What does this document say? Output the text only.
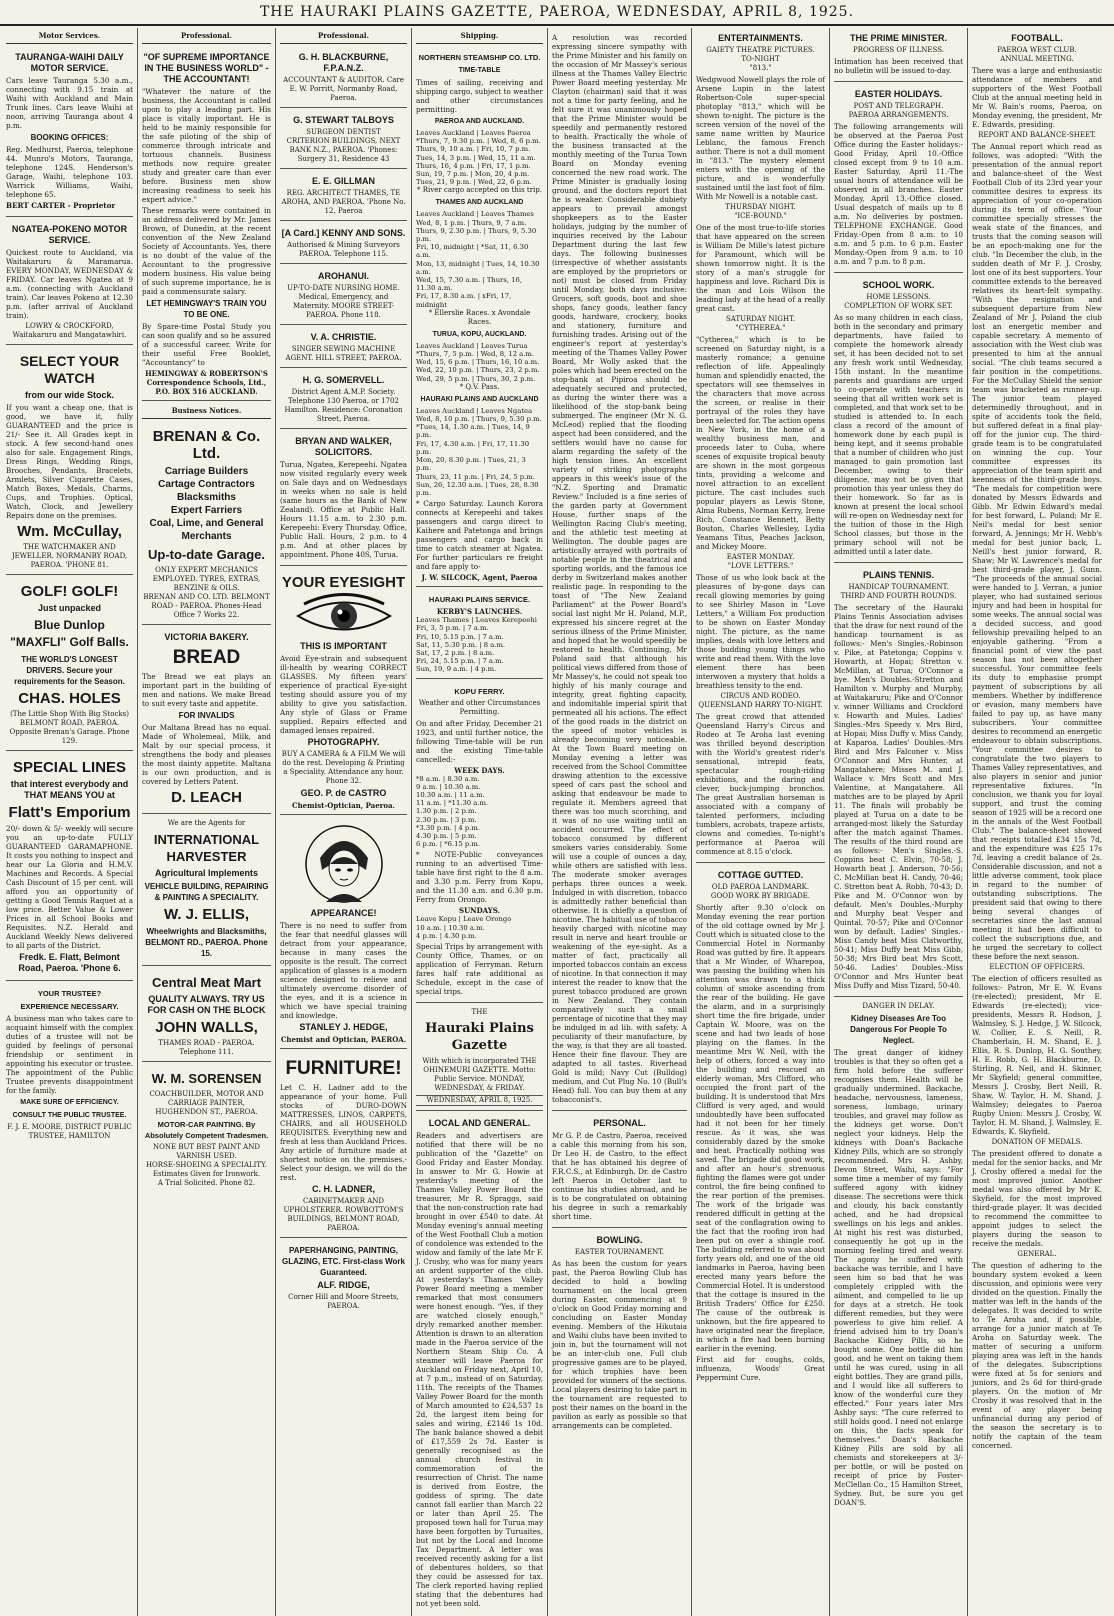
THE HAURAKI PLAINS GAZETTE, PAEROA, WEDNESDAY, APRIL 8, 1925.
Motor Services.
TAURANGA-WAIHI DAILY MOTOR SERVICE.
Cars leave Tauranga 5.30 a.m., connecting with 9.15 train at Waihi with Auckland and Main Trunk lines. Cars leave Waihi at noon, arriving Tauranga about 4 p.m.
BOOKING OFFICES:
Reg. Medhurst, Paeroa, telephone 44. Munro's Motors, Tauranga, telephone 124S. Henderson's Garage, Waihi, telephone 103. Warrick Williams, Waihi, telephone 65.
BERT CARTER - Proprietor
NGATEA-POKENO MOTOR SERVICE.
Quickest route to Auckland, via Waitakaruru & Maramarua. EVERY MONDAY, WEDNESDAY & FRIDAY. Car leaves Ngatea at 9 a.m. (connecting with Auckland train). Car leaves Pokeno at 12.30 p.m. (after arrival of Auckland train).
LOWRY & CROCKFORD, Waitakaruru and Mangatawhiri.
SELECT YOUR WATCH
from our wide Stock.
If you want a cheap one, that is good, we have it, fully GUARANTEED and the price is 21/- See it. All Grades kept in stock. A few second-hand ones also for sale. Engagement Rings, Dress Rings, Wedding Rings, Brooches, Pendants, Bracelets, Armlets, Silver Cigarette Cases, Match Boxes, Medals, Charms, Cups, and Trophies. Optical, Watch, Clock, and Jewellery Repairs done on the premises.
Wm. McCullay,
THE WATCHMAKER AND JEWELLER. NORMANBY ROAD, PAEROA. 'PHONE 81.
GOLF! GOLF!
Just unpacked
Blue Dunlop "MAXFLI" Golf Balls.
THE WORLD'S LONGEST DRIVERS. Secure your requirements for the Season.
CHAS. HOLES
(The Little Shop With Big Stocks) BELMONT ROAD, PAEROA. Opposite Brenan's Garage. Phone 129.
SPECIAL LINES
that interest everybody and THAT MEANS YOU at
Flatt's Emporium
20/- down & 5/- weekly will secure you an up-to-date FULLY GUARANTEED GARAMAPHONE. It costs you nothing to inspect and hear our La Gloria and H.M.V. Machines and Records. A Special Cash Discount of 15 per cent. will afford you an opportunity of getting a Good Tennis Raquet at a low price. Better Value & Lower Prices in all School Books and Requisites. N.Z. Herald and Auckland Weekly News delivered to all parts of the District.
Fredk. E. Flatt, Belmont Road, Paeroa. 'Phone 6.
YOUR TRUSTEE?
EXPERIENCE NECESSARY.
A business man who takes care to acquaint himself with the complex duties of a trustee will not be guided by feelings of personal friendship or sentiment in appointing his executor or trustee. The appointment of the Public Trustee prevents disappointment for the family.
MAKE SURE OF EFFICIENCY.
CONSULT THE PUBLIC TRUSTEE.
F. J. E. MOORE, DISTRICT PUBLIC TRUSTEE, HAMILTON
Professional.
"OF SUPREME IMPORTANCE IN THE BUSINESS WORLD" -THE ACCOUNTANT!
"Whatever the nature of the business, the Accountant is called upon to play a leading part. His place is vitally important. He is held to be mainly responsible for the safe piloting of the ship of commerce through intricate and tortuous channels. Business methods now require greater study and greater care than ever before. Business men show increasing readiness to seek his expert advice."
These remarks were contained in an address delivered by Mr. James Brown, of Dunedin, at the recent convention of the New Zealand Society of Accountants. Yes, there is no doubt of the value of the Accountant to the progressive modern business. His value being of such supreme importance, he is paid a commensurate salary.
LET HEMINGWAY'S TRAIN YOU TO BE ONE.
By Spare-time Postal Study you can soon qualify and so be assured of a successful career. Write for their useful Free Booklet, "Accountancy" to
HEMINGWAY & ROBERTSON'S Correspondence Schools, Ltd., P.O. BOX 516 AUCKLAND.
Business Notices.
BRENAN & Co. Ltd.
Carriage Builders
Cartage Contractors
Blacksmiths
Expert Farriers
Coal, Lime, and General Merchants
Up-to-date Garage.
ONLY EXPERT MECHANICS EMPLOYED. TYRES, EXTRAS, BENZINE & OILS.
BRENAN AND CO. LTD. BELMONT ROAD - PAEROA. Phones-Head Office 7 Works 22.
VICTORIA BAKERY.
BREAD
The Bread we eat plays an important part in the building of men and nations. We make Bread to suit every taste and appetite.
FOR INVALIDS
Our Maltana Bread has no equal. Made of Wholemeal, Milk, and Malt by our special process, it strengthens the body and pleases the most dainty appetite. Maltana is our own production, and is covered by Letters Patent.
D. LEACH
We are the Agents for
INTERNATIONAL HARVESTER
Agricultural Implements
VEHICLE BUILDING, REPAIRING & PAINTING A SPECIALITY.
W. J. ELLIS,
Wheelwrights and Blacksmiths, BELMONT RD., PAEROA. Phone 15.
Central Meat Mart
QUALITY ALWAYS. TRY US FOR CASH ON THE BLOCK
JOHN WALLS,
THAMES ROAD - PAEROA. Telephone 111.
W. M. SORENSEN
COACHBUILDER, MOTOR AND CARRIAGE PAINTER, HUGHENDON ST., PAEROA.
MOTOR-CAR PAINTING. By Absolutely Competent Tradesmen.
NONE BUT BEST PAINT AND VARNISH USED.
HORSE-SHOEING A SPECIALITY.
Estimates Given for Ironwork.
A Trial Solicited. Phone 82.
Professional.
G. H. BLACKBURNE, F.P.A.N.Z.
ACCOUNTANT & AUDITOR. Care E. W. Porritt, Normanby Road, Paeroa.
G. STEWART TALBOYS
SURGEON DENTIST
CRITERION BUILDINGS, NEXT BANK N.Z., PAEROA. 'Phones: Surgery 31, Residence 43
E. E. GILLMAN
REG. ARCHITECT THAMES, TE AROHA, AND PAEROA. 'Phone No. 12, Paeroa
[A Card.] KENNY AND SONS.
Authorised & Mining Surveyors PAEROA. Telephone 115.
AROHANUI.
UP-TO-DATE NURSING HOME. Medical, Emergency, and Maternity. MOORE STREET-PAEROA. Phone 118.
V. A. CHRISTIE.
SINGER SEWING MACHINE AGENT. HILL STREET, PAEROA.
H. G. SOMERVELL.
District Agent A.M.P. Society. Telephone 130 Paeroa, or 1702 Hamilton. Residence: Coronation Street, Paeroa.
BRYAN AND WALKER, SOLICITORS.
Turua, Ngatea, Kerepeehi. Ngatea now visited regularly every week on Sale days and on Wednesdays in weeks when no sale is held (same hours as the Bank of New Zealand). Office at Public Hall. Hours 11.15 a.m. to 2.30 p.m. Kerepeehi: Every Thursday. Office, Public Hall. Hours, 2 p.m. to 4 p.m. And at other places by appointment. Phone 40S, Turua.
YOUR EYESIGHT
THIS IS IMPORTANT
Avoid Eye-strain and subsequent ill-health by wearing CORRECT GLASSES. My fifteen years' experience of practical Eye-sight testing should assure you of my ability to give you satisfaction. Any style of Glass or Frame supplied. Repairs effected and damaged lenses repaired.
PHOTOGRAPHY.
BUY A CAMERA & A FILM We will do the rest. Developing & Printing a Speciality. Attendance any hour. Phone 32.
GEO. P. de CASTRO
Chemist-Optician, Paeroa.
APPEARANCE!
There is no need to suffer from the fear that needful glasses will detract from your appearance, because in many cases the opposite is the result. The correct application of glasses is a modern science designed to relieve and ultimately overcome disorder of the eyes, and it is a science in which we have special training and knowledge.
STANLEY J. HEDGE,
Chemist and Optician, PAEROA.
FURNITURE!
Let C. H. Ladner add to the appearance of your home. Full stocks of DURO-DOWN MATTRESSES, LINOS, CARPETS, CHAIRS, and all HOUSEHOLD REQUISITES. Everything new and fresh at less than Auckland Prices. Any article of furniture made at shortest notice on the premises.-Select your design, we will do the rest.
C. H. LADNER,
CABINETMAKER AND UPHOLSTERER. ROWBOTTOM'S BUILDINGS, BELMONT ROAD, PAEROA.
PAPERHANGING, PAINTING, GLAZING, ETC. First-class Work Guaranteed.
ALF. RIDGE,
Corner Hill and Moore Streets, PAEROA.
Shipping.
NORTHERN STEAMSHIP CO. LTD.
TIME-TABLE
Times of sailing, receiving and shipping cargo, subject to weather and other circumstances permitting.
PAEROA AND AUCKLAND.
Leaves Auckland | Leaves Paeroa
*Thurs, 7, 9.30 p.m. | Wed, 8, 6 p.m.
Thurs, 9, 10 a.m. | Fri, 10, 7 p.m.
Tues, 14, 3 p.m. | Wed, 15, 11 a.m.
Thurs, 16, 4 p.m. | Fri, 17, 1 p.m.
Sun, 19, 7 p.m. | Mon, 20, 4 p.m.
Tues, 21, 9 p.m. | Wed, 22, 6 p.m.
* River cargo accepted on this trip.
THAMES AND AUCKLAND
Leaves Auckland | Leaves Thames
Wed, 8, 1 p.m. | Thurs, 9, 7 a.m.
Thurs, 9, 2.30 p.m. | Thurs, 9, 5.30 p.m.
Fri, 10, midnight | *Sat, 11, 6.30 a.m.
Mon, 13, midnight | Tues, 14, 10.30 a.m.
Wed, 15, 7.30 a.m. | Thurs, 16, 11.30 a.m.
Fri, 17, 8.30 a.m. | xFri, 17, midnight
* Ellerslie Races. x Avondale Races.
TURUA, KOPU, AUCKLAND.
Leaves Auckland | Leaves Turua
*Thurs, 7, 5 p.m. | Wed, 8, 12 a.m.
Wed, 15, 6 p.m. | Thurs, 16, 10 a.m.
Wed, 22, 10 p.m. | Thurs, 23, 2 p.m.
Wed, 29, 5 p.m. | Thurs, 30, 2 p.m.
* Q.V. Pass.
HAURAKI PLAINS AND AUCKLAND
Leaves Auckland | Leaves Ngatea
Wed, 8, 10 p.m. | Thurs, 9, 5.30 p.m.
*Tues, 14, 1.30 a.m. | Tues, 14, 9 p.m.
Fri, 17, 4.30 a.m. | Fri, 17, 11.30 p.m.
Mon, 20, 8.30 p.m. | Tues, 21, 3 p.m.
Thurs, 23, 11 p.m. | Fri, 24, 5 p.m.
Sun, 26, 12.30 a.m. | Tues, 28, 8.30 p.m.
* Cargo Saturday. Launch Korora connects at Kerepeehi and takes passengers and cargo direct to Kaihere and Patetonga and brings passengers and cargo back in time to catch steamer at Ngatea. For further particulars re freight and fare apply to-
J. W. SILCOCK, Agent, Paeroa
HAURAKI PLAINS SERVICE.
KERBY'S LAUNCHES.
Leaves Thames | Leaves Kerepeehi
Fri, 3, 5 p.m. | 7 a.m.
Fri, 10, 5.15 p.m. | 7 a.m.
Sat, 11, 5.30 p.m. | 8 a.m.
Sat, 17, 2 p.m. | 8 a.m.
Fri, 24, 5.15 p.m. | 7 a.m.
Sun, 19, 9 a.m. | 4 p.m.
KOPU FERRY.
Weather and other Circumstances Permitting.
On and after Friday, December 21 1923, and until further notice, the following Time-table will be run and the existing Time-table cancelled:-
WEEK DAYS.
*8 a.m. | 8.30 a.m.
9 a.m. | 10.30 a.m.
10.30 a.m. | 11 a.m.
11 a.m. | *11.30 a.m.
1.30 p.m. | 2 p.m.
2.30 p.m. | 3 p.m.
*3.30 p.m. | 4 p.m.
4.30 p.m. | 5 p.m.
6 p.m. | *6.15 p.m.
* NOTE-Public conveyances running to an advertised Time-table have first right to the 8 a.m. and 3.30 p.m. Ferry from Kopu, and the 11.30 a.m. and 6.30 p.m. Ferry from Orongo.
SUNDAYS.
Leave Kopu | Leave Orongo
10 a.m. | 10.30 a.m.
4 p.m. | 4.30 p.m.
Special Trips by arrangement with County Office, Thames, or on application of Ferryman. Return fares half rate additional as Schedule, except in the case of special trips.
THE
Hauraki Plains Gazette
With which is incorporated THE OHINEMURI GAZETTE. Motto: Public Service. MONDAY, WEDNESDAY, & FRIDAY.
WEDNESDAY, APRIL 8, 1925.
LOCAL AND GENERAL.
Readers and advertisers are notified that there will be no publication of the "Gazette" on Good Friday and Easter Monday. In answer to Mr G. Howie at yesterday's meeting of the Thames Valley Power Board the treasurer, Mr R. Spraggs, said that the non-construction rate had brought in over £540 to date. At Monday evening's annual meeting of the West Football Club a motion of condolence was extended to the widow and family of the late Mr F. J. Crosby, who was for many years an ardent supporter of the club. At yesterday's Thames Valley Power Board meeting a member remarked that most consumers were honest enough. "Yes, if they are watched closely enough," dryly remarked another member. Attention is drawn to an alteration made in the Paeroa service of the Northern Steam Ship Co. A steamer will leave Paeroa for Auckland on Friday next, April 10, at 7 p.m., instead of on Saturday, 11th. The receipts of the Thames Valley Power Board for the month of March amounted to £24,537 1s 2d, the largest item being for sales and wiring, £2146 1s 10d. The bank balance showed a debit of £17,559 2s 7d. Easter is generally recognised as the annual church festival in commemoration of the resurrection of Christ. The name is derived from Eostre, the goddess of spring. The date cannot fall earlier than March 22 or later than April 25. The proposed town hall for Turua may have been forgotten by Turuaites, but not by the Local and Income Tax Department. A letter was received recently asking for a list of debentures holders, so that they could be assessed for tax. The clerk reported having replied stating that the debentures had not yet been sold.
A resolution was recorded expressing sincere sympathy with the Prime Minister and his family on the occasion of Mr Massey's serious illness at the Thames Valley Electric Power Board meeting yesterday. Mr Clayton (chairman) said that it was not a time for party feeling, and he felt sure it was unanimously hoped that the Prime Minister would be speedily and permanently restored to health. Practically the whole of the business transacted at the monthly meeting of the Turua Town Board on Monday evening concerned the new road work. The Prime Minister is gradually losing ground, and the doctors report that he is weaker. Considerable dubiety appears to prevail amongst shopkeepers as to the Easter holidays, judging by the number of inquiries received by the Labour Department during the last few days. The following businesses (irrespective of whether assistants are employed by the proprietors or not) must be closed from Friday until Monday, both days inclusive: Grocers, soft goods, boot and shoe shops, fancy goods, leather fancy goods, hardware, crockery, books and stationery, furniture and furnishing trades. Arising out of the engineer's report at yesterday's meeting of the Thames Valley Power Board, Mr Wolly asked that the poles which had been erected on the stop-bank at Pipiroa should be adequately secured and protected, as during the winter there was a likelihood of the stop-bank being submerged. The engineer (Mr N. G. McLeod) replied that the flooding aspect had been considered, and the settlers would have no cause for alarm regarding the safety of the high tension lines. An excellent variety of striking photographs appears in this week's issue of the "N.Z. Sporting and Dramatic Review." Included is a fine series of the garden party at Government House, further snaps of the Wellington Racing Club's meeting, and the athletic test meeting at Wellington. The double pages are artistically arrayed with portraits of notable people in the theatrical and sporting worlds, and the famous ice derby in Switzerland makes another realistic page. In responding to the toast of "The New Zealand Parliament" at the Power Board's social last night Mr H. Poland, M.P., expressed his sincere regret at the serious illness of the Prime Minister, and hoped that he would speedily be restored to health. Continuing, Mr Poland said that although his political views differed from those of Mr Massey's, he could not speak too highly of his manly courage and integrity, great fighting capacity, and indomitable imperial spirit that permeated all his actions. The effect of the good roads in the district on the speed of motor vehicles is already becoming very noticeable. At the Town Board meeting on Monday evening a letter was received from the School Committee drawing attention to the excessive speed of cars past the school and asking that endeavour be made to regulate it. Members agreed that there was too much scorching, and it was of no use waiting until an accident occurred. The effect of tobacco consumed by different smokers varies considerably. Some will use a couple of ounces a day, while others are satisfied with less. The moderate smoker averages perhaps three ounces a week. Indulged in with discretion, tobacco is admittedly rather beneficial than otherwise. It is chiefly a question of nicotine. The habitual use of tobacco heavily charged with nicotine may result in nerve and heart trouble or weakening of the eye-sight. As a matter of fact, practically all imported tobaccos contain an excess of nicotine. In that connection it may interest the reader to know that the purest tobacco produced are grown in New Zealand. They contain comparatively such a small percentage of nicotine that they may be indulged in ad lib. with safety. A peculiarity of their manufacture, by the way, is that they are all toasted. Hence their fine flavour. They are adapted to all tastes. Riverhead Gold is mild; Navy Cut (Bulldog) medium, and Cut Plug No. 10 (Bull's Head) full. You can buy them at any tobacconist's.
PERSONAL.
Mr G. P. de Castro, Paeroa, received a cable this morning from his son, Dr Leo H. de Castro, to the effect that he has obtained his degree of F.R.C.S., at Edinburgh. Dr. de Castro left Paeroa in October last to continue his studies abroad, and he is to be congratulated on obtaining his degree in such a remarkably short time.
BOWLING.
EASTER TOURNAMENT.
As has been the custom for years past, the Paeroa Bowling Club has decided to hold a bowling tournament on the local green during Easter, commencing at 9 o'clock on Good Friday morning and concluding on Easter Monday evening. Members of the Hikutaia and Waihi clubs have been invited to join in, but the tournament will not be an inter-club one. Full club progressive games are to be played, for which trophies have been provided for winners of the sections. Local players desiring to take part in the tournament are requested to post their names on the board in the pavilion as early as possible so that arrangements can be completed.
ENTERTAINMENTS.
GAIETY THEATRE PICTURES.
TO-NIGHT
"813."
Wedgwood Nowell plays the role of Arsene Lupin in the latest Robertson-Cole super-special photoplay "813," which will be shown to-night. The picture is the screen version of the novel of the same name written by Maurice Leblanc, the famous French author. There is not a dull moment in "813." The mystery element enters with the opening of the picture, and is wonderfully sustained until the last foot of film. With Mr Nowell is a notable cast.
THURSDAY NIGHT.
"ICE-BOUND."
One of the most true-to-life stories that have appeared on the screen is William De Mille's latest picture for Paramount, which will be shown tomorrow night. It is the story of a man's struggle for happiness and love. Richard Dix is the man and Lois Wilson the leading lady at the head of a really great cast.
SATURDAY NIGHT.
"CYTHEREA."
"Cytherea," which is to be screened on Saturday night, is a masterly romance; a genuine reflection of life. Appealingly human and splendidly enacted, the spectators will see themselves in the characters that move across the screen, or realise in their portrayal of the roles they have been selected for. The action opens in New York, in the home of a wealthy business man, and proceeds later to Cuba, where scenes of exquisite tropical beauty are shown in the most gorgeous tints, providing a welcome and novel attraction to an excellent picture. The cast includes such popular players as Lewis Stone, Alma Rubens, Norman Kerry, Irene Rich, Constance Bennett, Betty Bouton, Charles Wellesley, Lydia Yeamans Titus, Peaches Jackson, and Mickey Moore.
EASTER MONDAY.
"LOVE LETTERS."
Those of us who look back at the pleasures of by-gone days can recall glowing memories by going to see Shirley Mason in "Love Letters," a William Fox production to be shown on Easter Monday night. The picture, as the name implies, deals with love letters and those budding young things who write and read them. With the love element there has been interwoven a mystery that holds a breathless tensity to the end.
CIRCUS AND RODEO.
QUEENSLAND HARRY TO-NIGHT.
The great crowd that attended Queensland Harry's Circus and Rodeo at Te Aroha last evening was thrilled beyond description with the World's greatest rider's sensational, intrepid feats, spectacular rough-riding exhibitions, and the daring and clever, buck-jumping bronchos. The great Australian horseman is associated with a company of talented performers, including tumblers, acrobats, trapeze artists, clowns and comedies. To-night's performance at Paeroa will commence at 8.15 o'clock.
COTTAGE GUTTED.
OLD PAEROA LANDMARK.
GOOD WORK BY BRIGADE.
Shortly after 9.30 o'clock on Monday evening the rear portion of the old cottage owned by Mr J. Coutt which is situated close to the Commercial Hotel in Normanby Road was gutted by fire. It appears that a Mr Winder, of Wharepoa, was passing the building when his attention was drawn to a thick column of smoke ascending from the rear of the building. He gave the alarm, and in a surprisingly short time the fire brigade, under Captain W. Moore, was on the scene and had two leads of hose playing on the flames. In the meantime Mrs W. Neil, with the help of others, forced a way into the building and rescued an elderly woman, Mrs Clifford, who occupied the front part of the building. It is understood that Mrs Clifford is very aged, and would undoubtedly have been suffocated had it not been for her timely rescue. As it was, she was considerably dazed by the smoke and heat. Practically nothing was saved. The brigade did good work, and after an hour's strenuous fighting the flames were got under control, the fire being confined to the rear portion of the premises. The work of the brigade was rendered difficult in getting at the seat of the conflagration owing to the fact that the roofing iron had been put on over a shingle roof. The building referred to was about forty years old, and one of the old landmarks in Paeroa, having been erected many years before the Commercial Hotel. It is understood that the cottage is insured in the British Traders' Office for £250. The cause of the outbreak is unknown, but the fire appeared to have originated near the fireplace, in which a fire had been burning earlier in the evening.
First aid for coughs, colds, influenza, Woods' Great Peppermint Cure.
THE PRIME MINISTER.
PROGRESS OF ILLNESS.
Intimation has been received that no bulletin will be issued to-day.
EASTER HOLIDAYS.
POST AND TELEGRAPH.
PAEROA ARRANGEMENTS.
The following arrangements will be observed at the Paeroa Post Office during the Easter holidays:- Good Friday, April 10.-Office closed except from 9 to 10 a.m. Easter Saturday, April 11.-The usual hours of attendance will be observed in all branches. Easter Monday, April 13.-Office closed. Usual despatch of mails up to 8 a.m. No deliveries by postmen. TELEPHONE EXCHANGE. Good Friday.-Open from 8 a.m. to 10 a.m. and 5 p.m. to 6 p.m. Easter Monday.-Open from 9 a.m. to 10 a.m. and 7 p.m. to 8 p.m.
SCHOOL WORK.
HOME LESSONS.
COMPLETION OF WORK SET.
As so many children in each class, both in the secondary and primary departments, have failed to complete the homework already set, it has been decided not to set any fresh work until Wednesday, 15th instant. In the meantime parents and guardians are urged to co-operate with teachers in seeing that all written work set is completed, and that work set to be studied is attended to. In each class a record of the amount of homework done by each pupil is being kept, and it seems probable that a number of children who just managed to gain promotion last December, owing to their diligence, may not be given that promotion this year unless they do their homework. So far as is known at present the local school will re-open on Wednesday next for the tuition of those in the High School classes, but those in the primary school will not be admitted until a later date.
PLAINS TENNIS.
HANDICAP TOURNAMENT.
THIRD AND FOURTH ROUNDS.
The secretary of the Hauraki Plains Tennis Association advises that the draw for next round of the handicap tournament is as follows:- Men's Singles.-Robinson v. Pike, at Patetonga; Coppins v. Howarth, at Hopai; Stretton v. McMillan, at Turua; O'Connor a bye. Men's Doubles.-Stretton and Hamilton v. Murphy and Murphy, at Waitakaruru; Pike and O'Connor v. winner Williams and Crockford v. Howarth and Mules. Ladies' Singles.-Mrs Speedy v. Mrs Bird, at Hopai; Miss Duffy v. Miss Candy, at Kaparoa. Ladies' Doubles.-Mrs Bird and Mrs Falconer v. Miss O'Connor and Mrs Hunter, at Mangatahere; Misses M. and J. Wallace v. Mrs Scott and Mrs Valentine, at Mangatahere. All matches are to be played by April 11. The finals will probably be played at Turua on a date to be arranged-most likely the Saturday after the match against Thames. The results of the third round are as follows:- Men's Singles.-S. Coppins beat C. Elvin, 70-58; J. Howarth beat J. Anderson, 70-56; C. McMillan beat H. Candy, 70-46; C. Stretton beat A. Robb, 70-43; D. Pike and M. O'Connor won by default. Men's Doubles.-Murphy and Murphy beat Vesper and Quintal, 70-57; Pike and O'Connor won by default. Ladies' Singles.-Miss Candy beat Miss Clatworthy, 50-41; Miss Duffy beat Miss Gibb, 50-38; Mrs Bird beat Mrs Scott, 50-46. Ladies' Doubles.-Miss O'Connor and Mrs Hunter beat Miss Duffy and Miss Tizard, 50-40.
DANGER IN DELAY.
Kidney Diseases Are Too Dangerous For People To Neglect.
The great danger of kidney troubles is that they so often get a firm hold before the sufferer recognises them. Health will be gradually undermined. Backache, headache, nervousness, lameness, soreness, lumbago, urinary troubles, and gravel may follow as the kidneys get worse. Don't neglect your kidneys. Help the kidneys with Doan's Backache Kidney Pills, which are so strongly recommended. Mrs H. Ashby, Devon Street, Waihi, says: "For some time a member of my family suffered agony with kidney disease. The secretions were thick and cloudy, his back constantly ached, and he had dropsical swellings on his legs and ankles. At night his rest was disturbed, consequently he got up in the morning feeling tired and weary. The agony he suffered with backache was terrible, and I have seen him so bad that he was completely crippled with the ailment, and compelled to lie up for days at a stretch. He took different remedies, but they were powerless to give him relief. A friend advised him to try Doan's Backache Kidney Pills, so he bought some. One bottle did him good, and he went on taking them until he was cured, using in all eight bottles. They are grand pills, and I would like all sufferers to know of the wonderful cure they effected." Four years later Mrs Ashby says: "The cure referred to still holds good. I need not enlarge on this, the facts speak for themselves." Doan's Backache Kidney Pills are sold by all chemists and storekeepers at 3/- per bottle, or will be posted on receipt of price by Foster-McClellan Co., 15 Hamilton Street, Sydney. But, be sure you get DOAN'S.
FOOTBALL.
PAEROA WEST CLUB.
ANNUAL MEETING.
There was a large and enthusiastic attendance of members and supporters of the West Football Club at the annual meeting held in Mr W. Bain's rooms, Paeroa, on Monday evening, the president, Mr E. Edwards, presiding.
REPORT AND BALANCE-SHEET.
The Annual report which read as follows, was adopted: "With the presentation of the annual report and balance-sheet of the West Football Club of its 23rd year your committee desires to express its appreciation of your co-operation during its term of office. "Your committee specially stresses the weak state of the finances, and trusts that the coming season will be an epoch-making one for the club. "In December the club, in the sudden death of Mr F. J. Crosby, lost one of its best supporters. Your committee extends to the bereaved relatives its heart-felt sympathy. "With the resignation and subsequent departure from New Zealand of Mr J. Poland the club lost an energetic member and capable secretary. A memento of association with the West club was presented to him at the annual social. "The club teams secured a fair position in the competitions. For the McCullay Shield the senior team was bracketed as runner-up. The junior team played determinedly throughout, and in spite of accidents took the field, but suffered defeat in a final play-off for the junior cup. The third-grade team is to be congratulated on winning the cup. Your committee expresses its appreciation of the team spirit and keenness of the third-grade boys. "The medals for competition were donated by Messrs Edwards and Gibb. Mr Edwin Edward's medal for best forward, L. Poland; Mr E. Neil's medal for best senior forward, A. Jennings; Mr H. Webb's medal for best junior back, L. Neill's best junior forward, R. Shaw; Mr W. Lawrence's medal for best third-grade player, J. Gunn. "The proceeds of the annual social were handed to J. Verran, a junior player, who had sustained serious injury and had been in hospital for some weeks. The annual social was a decided success, and good fellowship prevailing helped to an enjoyable gathering. "From a financial point of view the past season has not been altogether successful. Your committee feels its duty to emphasise prompt payment of subscriptions by all members. Whether by indifference or evasion, many members have failed to pay up, as have many subscribers. Your committee desires to recommend an energetic endeavour to obtain subscriptions. "Your committee desires to congratulate the two players to Thames Valley representatives, and also players in senior and junior representative fixtures. "In conclusion, we thank you for loyal support, and trust the coming season of 1925 will be a record one in the annals of the West Football Club." The balance-sheet showed that receipts totalled £34 15s 7d, and the expenditure was £25 17s 7d, leaving a credit balance of 2s. Considerable discussion, and not a little adverse comment, took place in regard to the number of outstanding subscriptions. The president said that owing to there being several changes of secretaries since the last annual meeting it had been difficult to collect the subscriptions due, and he urged the secretary to collect these before the next season.
ELECTION OF OFFICERS.
The election of officers resulted as follows:- Patron, Mr E. W. Evans (re-elected); president, Mr E. Edwards (re-elected); vice-presidents, Messrs R. Hodson, J. Walmsley, S. J. Hedge, J. W. Silcock, W. Collier, E. S. Neill, R. Chamberlain, H. M. Shand, E. J. Ellis, R. S. Dunlop, H. G. Southey, H. E. Robb, G. H. Blackburne, D. Stirling, R. Neil, and H. Skinner, Mr Skyfield; general committee, Messrs J. Crosby, Bert Neill, R. Shaw, W. Taylor, H. M. Shand, J. Walmsley; delegates to Paeroa Rugby Union: Messrs J. Crosby, W. Taylor, H. M. Shand, J. Walmsley, E. Edwards, K. Skyfield.
DONATION OF MEDALS.
The president offered to donate a medal for the senior backs, and Mr J. Crosby offered a medal for the most improved junior. Another medal was also offered by Mr K. Skyfield, for the most improved third-grade player. It was decided to recommend the committee to appoint judges to select the players during the season to receive the medals.
GENERAL.
The question of adhering to the boundary system evoked a keen discussion, and opinions were very divided on the question. Finally the matter was left in the hands of the delegates. It was decided to write to Te Aroha and, if possible, arrange for a junior match at Te Aroha on Saturday week. The matter of securing a uniform playing area was left in the hands of the delegates. Subscriptions were fixed at 5s for seniors and juniors, and 2s 6d for third-grade players. On the motion of Mr Crosby it was resolved that in the event of any player being unfinancial during any period of the season the secretary is to notify the captain of the team concerned.
